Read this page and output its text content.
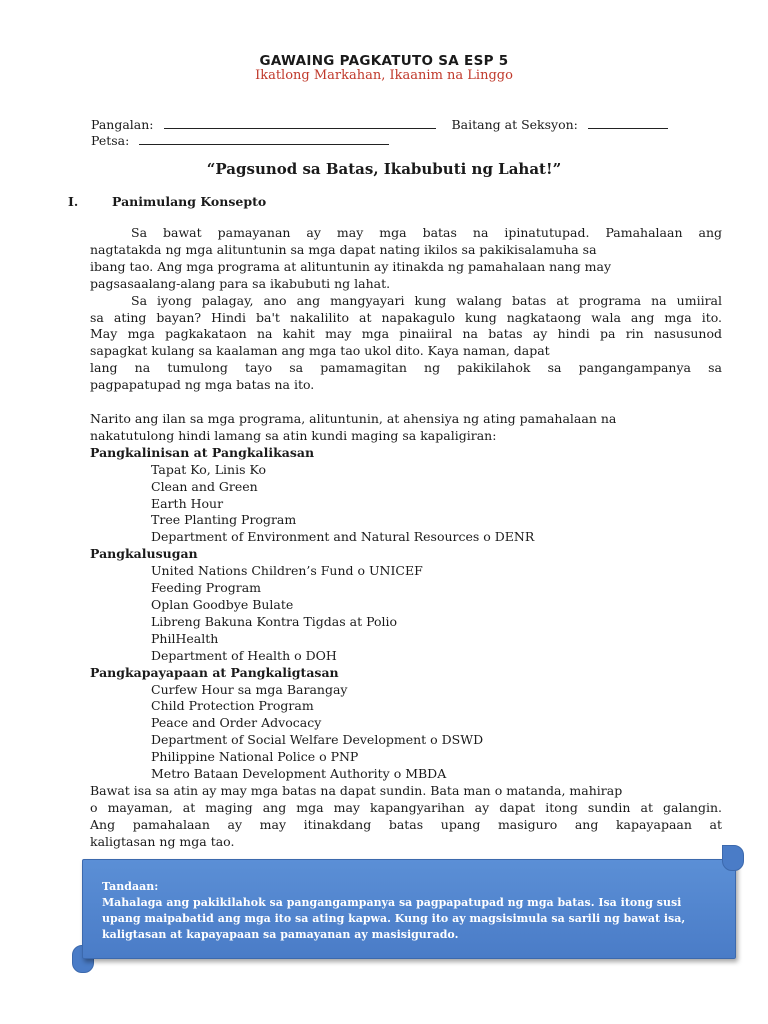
GAWAING PAGKATUTO SA ESP 5
Ikatlong Markahan, Ikaanim na Linggo
Pangalan:	Baitang at Seksyon:
Petsa:
“Pagsunod sa Batas, Ikabubuti ng Lahat!”
I.	Panimulang Konsepto

Sa bawat pamayanan ay may mga batas na ipinatutupad. Pamahalaan ang

nagtatakda ng mga alituntunin sa mga dapat nating ikilos sa pakikisalamuha sa

ibang tao. Ang mga programa at alituntunin ay itinakda ng pamahalaan nang may

pagsasaalang-alang para sa ikabubuti ng lahat.

Sa iyong palagay, ano ang mangyayari kung walang batas at programa na umiiral

sa ating bayan? Hindi ba't nakalilito at napakagulo kung nagkataong wala ang mga ito.

May mga pagkakataon na kahit may mga pinaiiral na batas ay hindi pa rin nasusunod

sapagkat kulang sa kaalaman ang mga tao ukol dito. Kaya naman, dapat

lang na tumulong tayo sa pamamagitan ng pakikilahok sa pangangampanya sa

pagpapatupad ng mga batas na ito.

Narito ang ilan sa mga programa, alituntunin, at ahensiya ng ating pamahalaan na

nakatutulong hindi lamang sa atin kundi maging sa kapaligiran:

Pangkalinisan at Pangkalikasan

Tapat Ko, Linis Ko

Clean and Green

Earth Hour

Tree Planting Program

Department of Environment and Natural Resources o DENR

Pangkalusugan

United Nations Children’s Fund o UNICEF

Feeding Program

Oplan Goodbye Bulate

Libreng Bakuna Kontra Tigdas at Polio

PhilHealth

Department of Health o DOH

Pangkapayapaan at Pangkaligtasan

Curfew Hour sa mga Barangay

Child Protection Program

Peace and Order Advocacy

Department of Social Welfare Development o DSWD

Philippine National Police o PNP

Metro Bataan Development Authority o MBDA

Bawat isa sa atin ay may mga batas na dapat sundin. Bata man o matanda, mahirap

o mayaman, at maging ang mga may kapangyarihan ay dapat itong sundin at galangin.

Ang pamahalaan ay may itinakdang batas upang masiguro ang kapayapaan at

kaligtasan ng mga tao.

Tandaan:
Mahalaga ang pakikilahok sa pangangampanya sa pagpapatupad ng mga batas. Isa itong susi
upang maipabatid ang mga ito sa ating kapwa. Kung ito ay magsisimula sa sarili ng bawat isa,
kaligtasan at kapayapaan sa pamayanan ay masisigurado.
